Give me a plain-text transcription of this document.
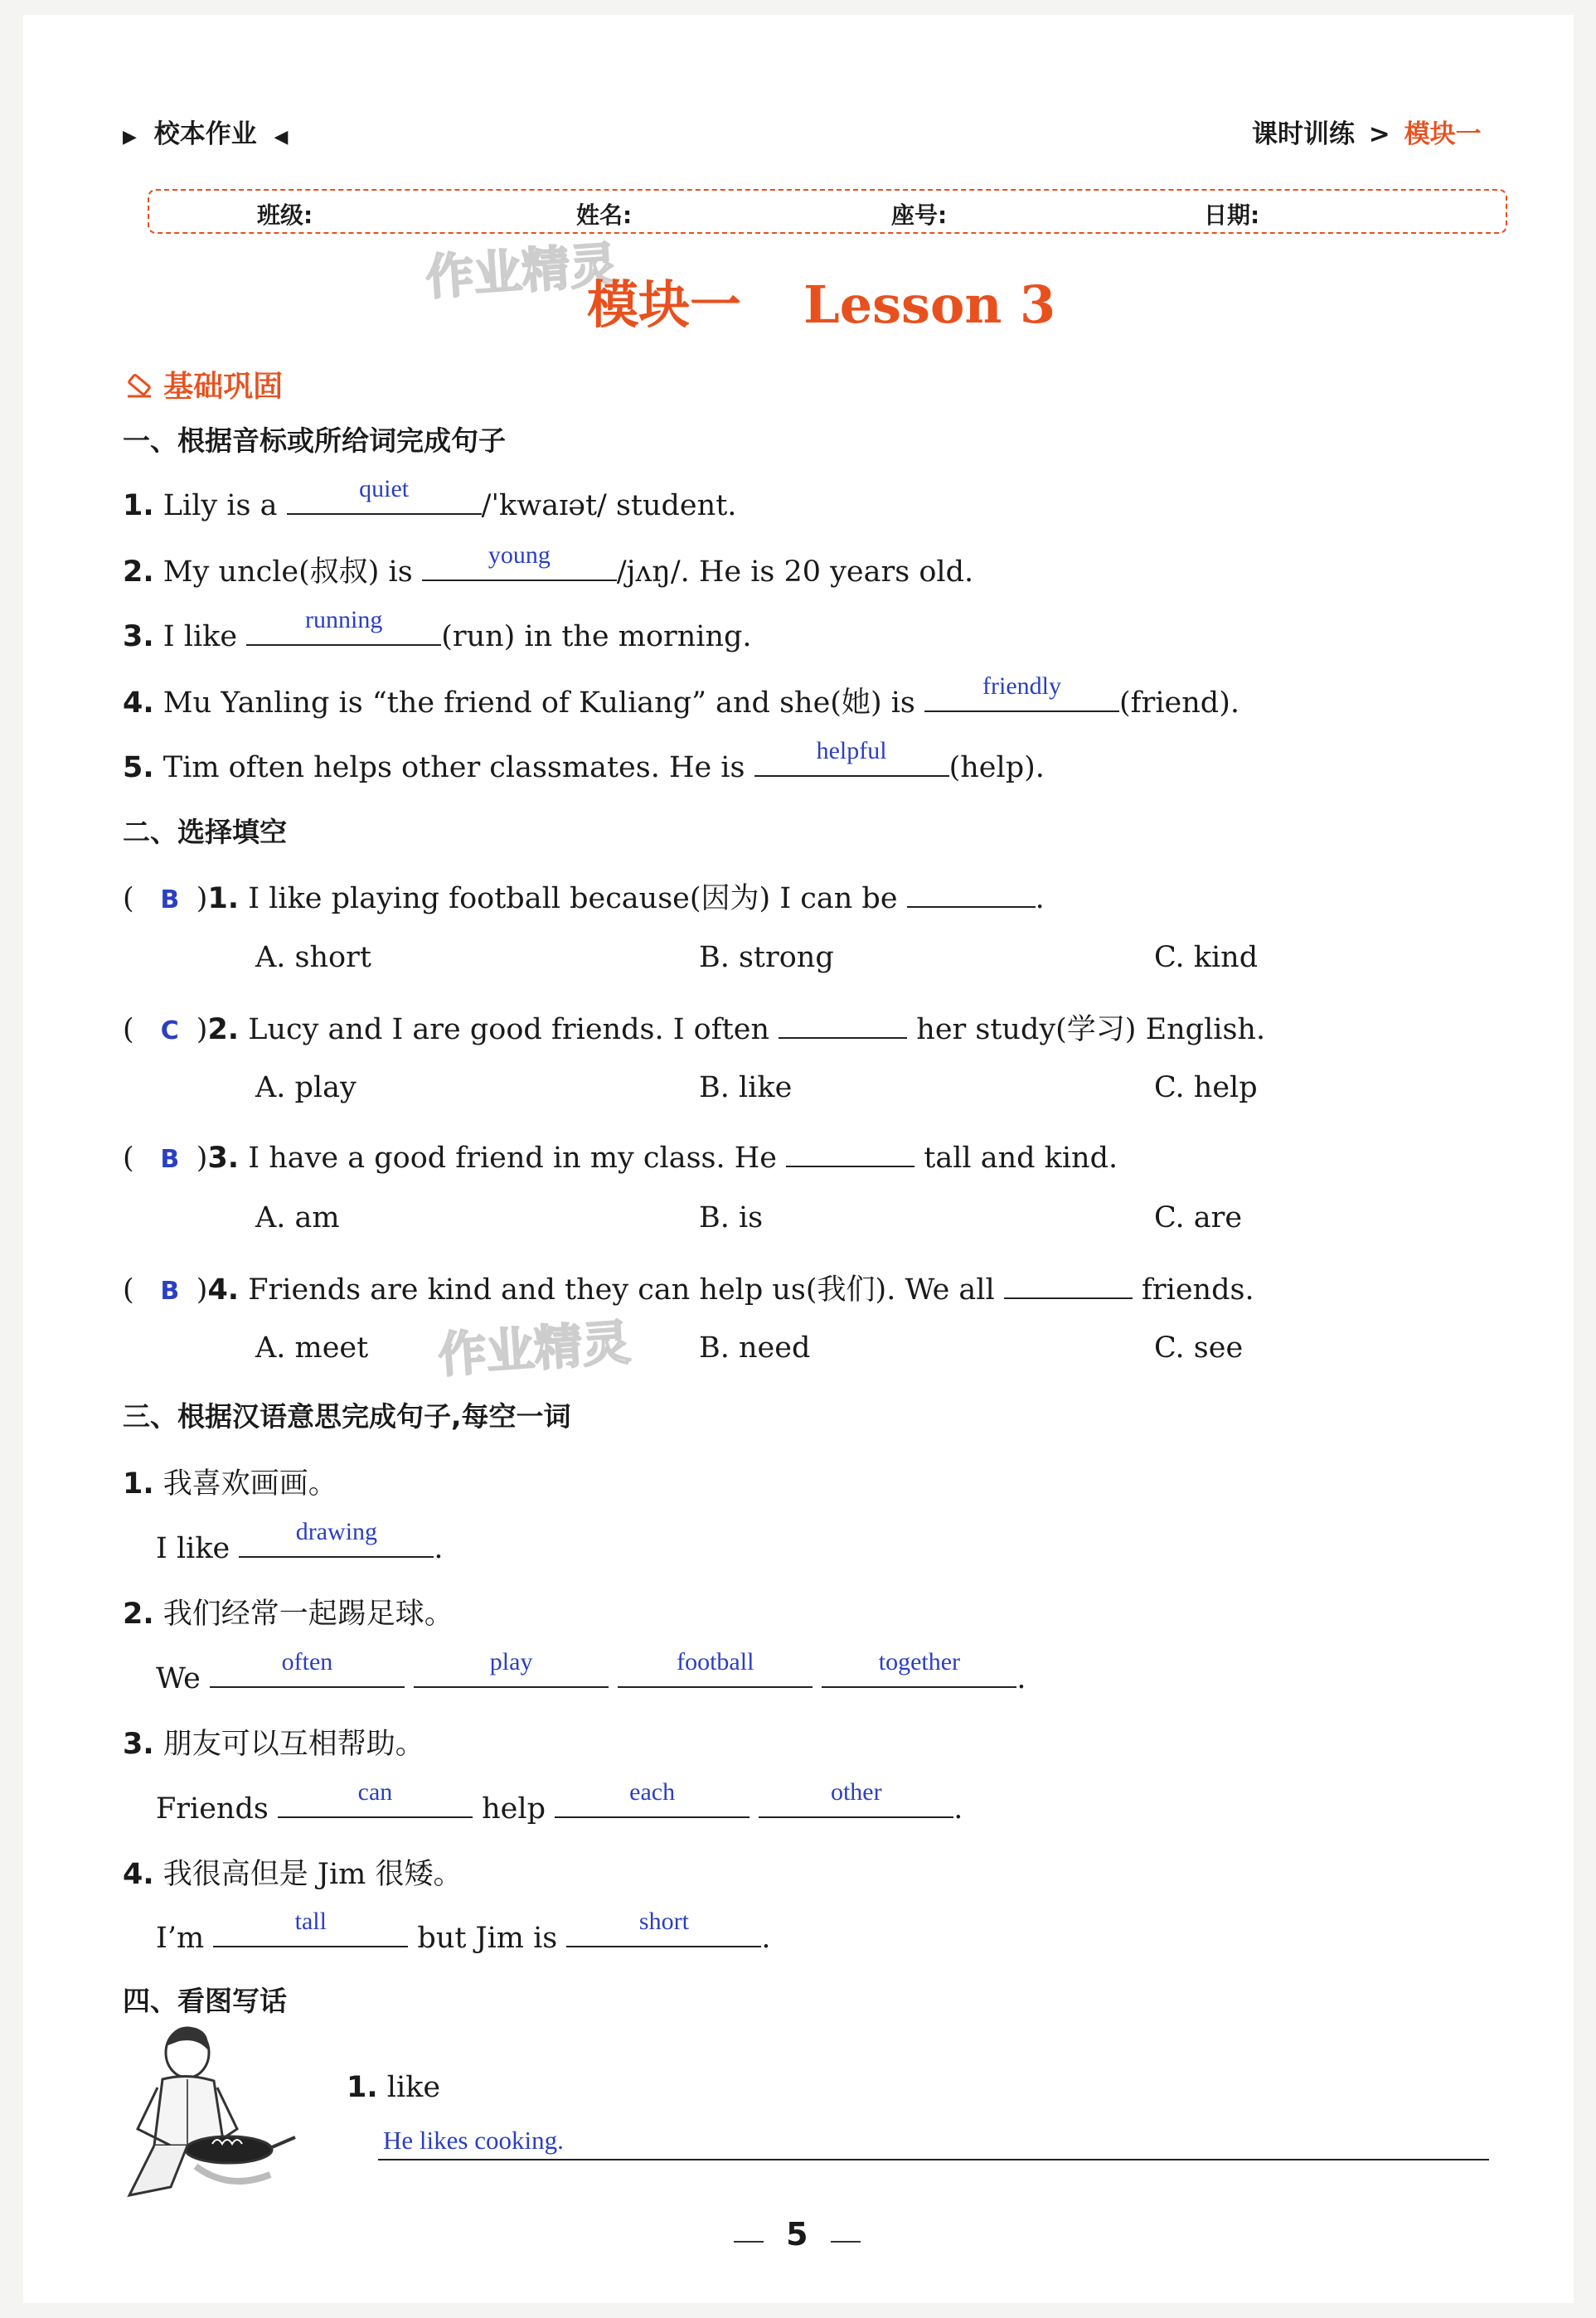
▶ 校本作业 ◀	课时训练 > 模块一
班级:	姓名:	座号:	日期:
作业精灵
作业精灵
模块一 Lesson 3
基础巩固
一、根据音标或所给词完成句子
1. Lily is a
quiet
/ˈkwaɪət/ student.
2. My uncle(叔叔) is
young
/jʌŋ/. He is 20 years old.
3. I like
running
(run) in the morning.
4. Mu Yanling is “the friend of Kuliang” and she(她) is
friendly
(friend).
5. Tim often helps other classmates. He is
helpful
(help).
二、选择填空
( B )1. I like playing football because(因为) I can be	.
A. short	B. strong	C. kind
( C )2. Lucy and I are good friends. I often	her study(学习) English.
A. play	B. like	C. help
( B )3. I have a good friend in my class. He	tall and kind.
A. am	B. is	C. are
( B )4. Friends are kind and they can help us(我们). We all	friends.
A. meet	B. need	C. see
三、根据汉语意思完成句子,每空一词
1. 我喜欢画画。
I like
drawing
.
2. 我们经常一起踢足球。
We
often
	play
	football
	together
.
3. 朋友可以互相帮助。
Friends
can
help
each
	other
.
4. 我很高但是 Jim 很矮。
I’m
tall
but Jim is
short
.
四、看图写话
1. like
He likes cooking.
5
